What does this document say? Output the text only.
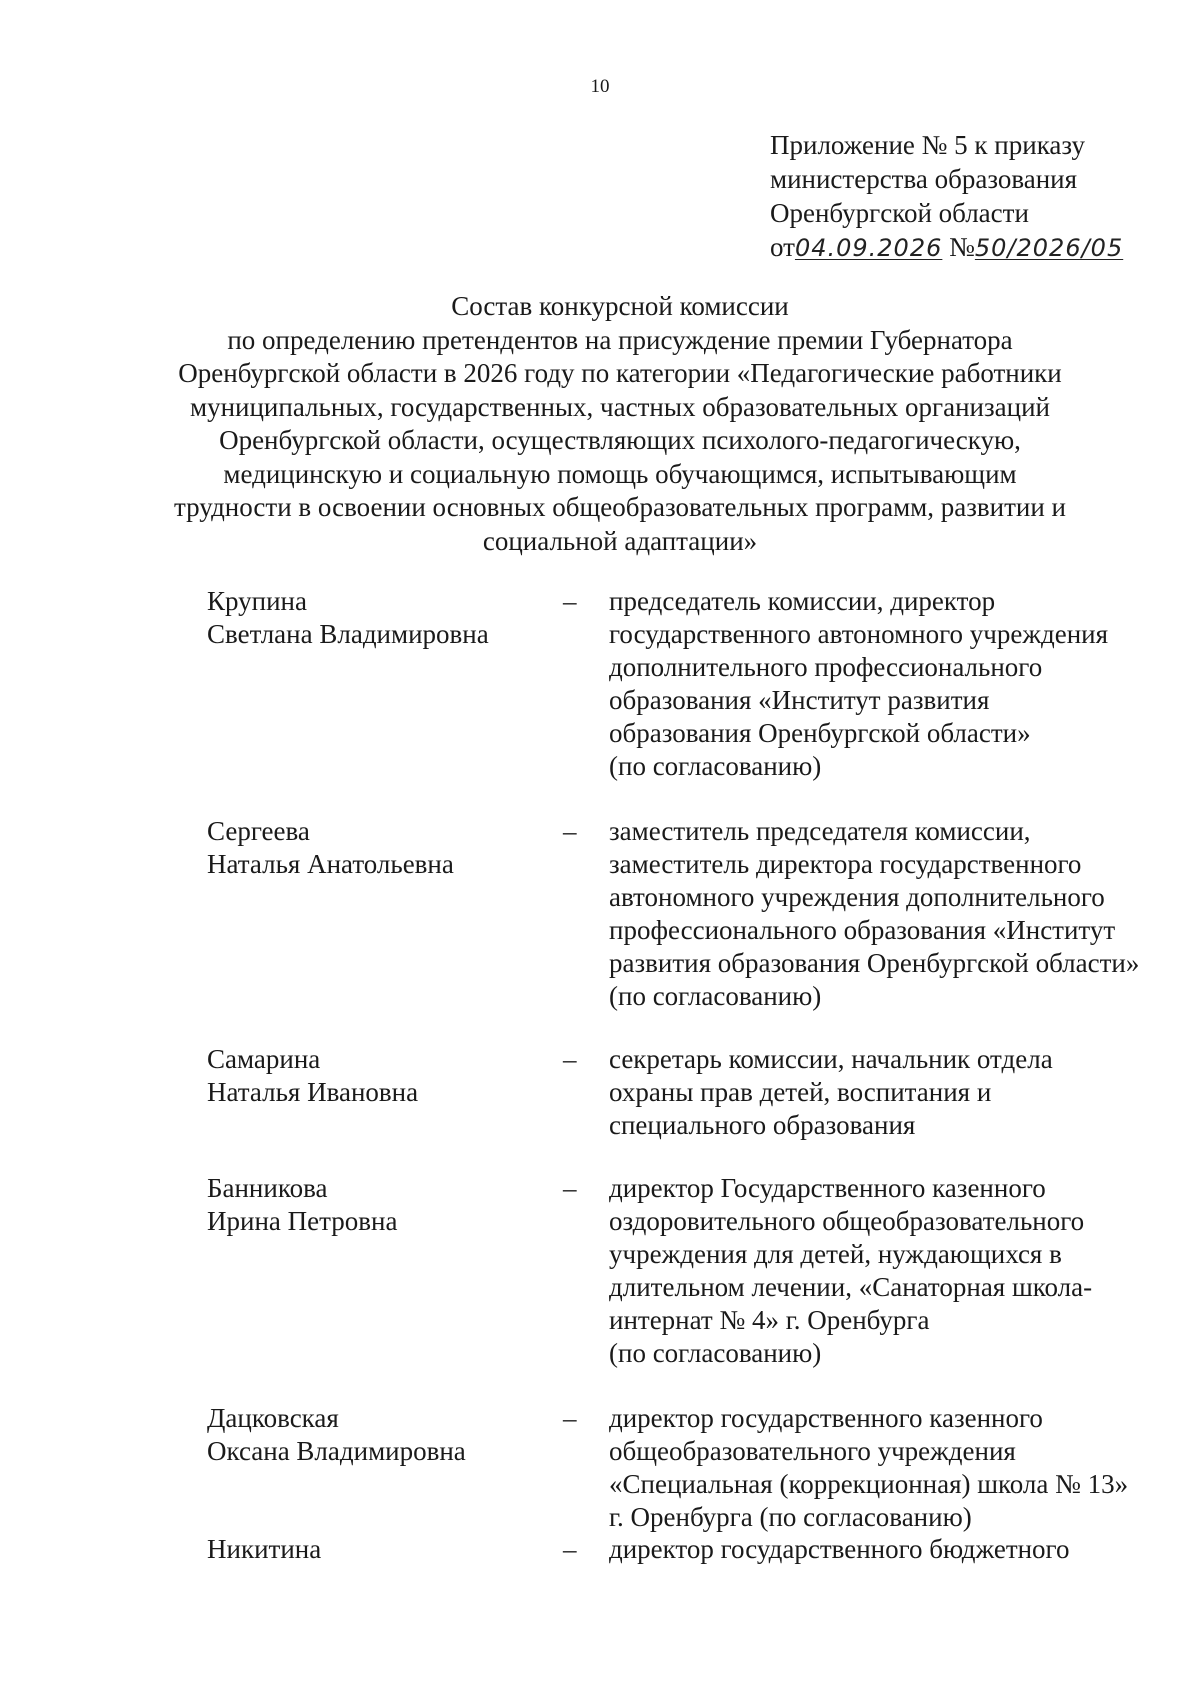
10
Приложение № 5 к приказу
министерства образования
Оренбургской области
от04.09.2026 №50/2026/05
Состав конкурсной комиссии
по определению претендентов на присуждение премии Губернатора
Оренбургской области в 2026 году по категории «Педагогические работники
муниципальных, государственных, частных образовательных организаций
Оренбургской области, осуществляющих психолого-педагогическую,
медицинскую и социальную помощь обучающимся, испытывающим
трудности в освоении основных общеобразовательных программ, развитии и
социальной адаптации»
Крупина
Светлана Владимировна
– председатель комиссии, директор
государственного автономного учреждения
дополнительного профессионального
образования «Институт развития
образования Оренбургской области»
(по согласованию)
Сергеева
Наталья Анатольевна
– заместитель председателя комиссии,
заместитель директора государственного
автономного учреждения дополнительного
профессионального образования «Институт
развития образования Оренбургской области»
(по согласованию)
Самарина
Наталья Ивановна
– секретарь комиссии, начальник отдела
охраны прав детей, воспитания и
специального образования
Банникова
Ирина Петровна
– директор Государственного казенного
оздоровительного общеобразовательного
учреждения для детей, нуждающихся в
длительном лечении, «Санаторная школа-
интернат № 4» г. Оренбурга
(по согласованию)
Дацковская
Оксана Владимировна
– директор государственного казенного
общеобразовательного учреждения
«Специальная (коррекционная) школа № 13»
г. Оренбурга (по согласованию)
Никитина	– директор государственного бюджетного
